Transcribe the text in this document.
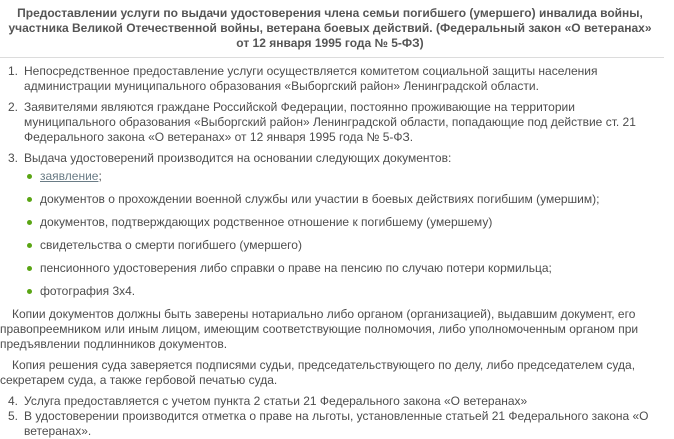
Предоставлении услуги по выдачи удостоверения члена семьи погибшего (умершего) инвалида войны, участника Великой Отечественной войны, ветерана боевых действий. (Федеральный закон «О ветеранах» от 12 января 1995 года № 5-ФЗ)
1. Непосредственное предоставление услуги осуществляется комитетом социальной защиты населения администрации муниципального образования «Выборгский район» Ленинградской области.
2. Заявителями являются граждане Российской Федерации, постоянно проживающие на территории муниципального образования «Выборгский район» Ленинградской области, попадающие под действие ст. 21 Федерального закона «О ветеранах» от 12 января 1995 года № 5-ФЗ.
3. Выдача удостоверений производится на основании следующих документов:
заявление;
документов о прохождении военной службы или участии в боевых действиях погибшим (умершим);
документов, подтверждающих родственное отношение к погибшему (умершему)
свидетельства о смерти погибшего (умершего)
пенсионного удостоверения либо справки о праве на пенсию по случаю потери кормильца;
фотография 3х4.

Копии документов должны быть заверены нотариально либо органом (организацией), выдавшим документ, его правопреемником или иным лицом, имеющим соответствующие полномочия, либо уполномоченным органом при предъявлении подлинников документов.

Копия решения суда заверяется подписями судьи, председательствующего по делу, либо председателем суда, секретарем суда, а также гербовой печатью суда.

4. Услуга предоставляется с учетом пункта 2 статьи 21 Федерального закона «О ветеранах»
5. В удостоверении производится отметка о праве на льготы, установленные статьей 21 Федерального закона «О ветеранах».
